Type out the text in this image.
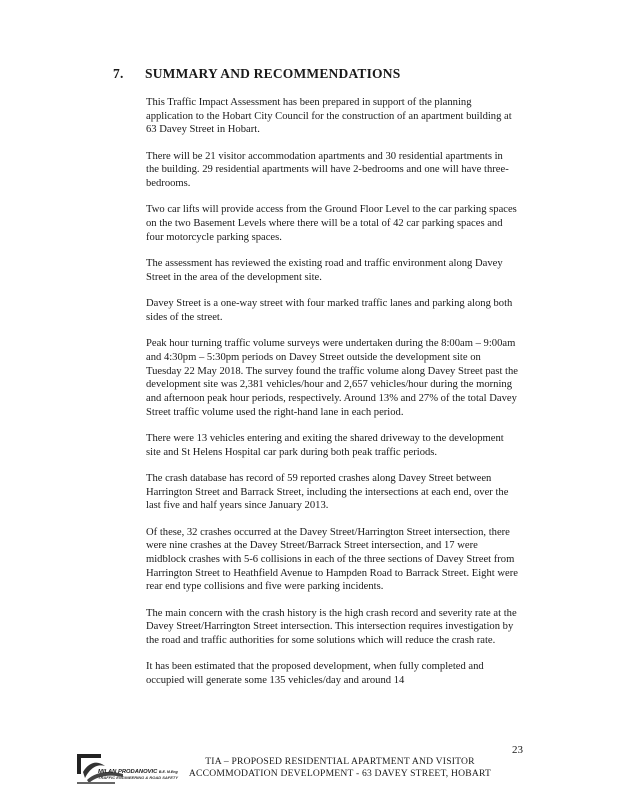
7. SUMMARY AND RECOMMENDATIONS

This Traffic Impact Assessment has been prepared in support of the planning application to the Hobart City Council for the construction of an apartment building at 63 Davey Street in Hobart.

There will be 21 visitor accommodation apartments and 30 residential apartments in the building. 29 residential apartments will have 2-bedrooms and one will have three-bedrooms.

Two car lifts will provide access from the Ground Floor Level to the car parking spaces on the two Basement Levels where there will be a total of 42 car parking spaces and four motorcycle parking spaces.

The assessment has reviewed the existing road and traffic environment along Davey Street in the area of the development site.

Davey Street is a one-way street with four marked traffic lanes and parking along both sides of the street.

Peak hour turning traffic volume surveys were undertaken during the 8:00am – 9:00am and 4:30pm – 5:30pm periods on Davey Street outside the development site on Tuesday 22 May 2018. The survey found the traffic volume along Davey Street past the development site was 2,381 vehicles/hour and 2,657 vehicles/hour during the morning and afternoon peak hour periods, respectively. Around 13% and 27% of the total Davey Street traffic volume used the right-hand lane in each period.

There were 13 vehicles entering and exiting the shared driveway to the development site and St Helens Hospital car park during both peak traffic periods.

The crash database has record of 59 reported crashes along Davey Street between Harrington Street and Barrack Street, including the intersections at each end, over the last five and half years since January 2013.

Of these, 32 crashes occurred at the Davey Street/Harrington Street intersection, there were nine crashes at the Davey Street/Barrack Street intersection, and 17 were midblock crashes with 5-6 collisions in each of the three sections of Davey Street from Harrington Street to Heathfield Avenue to Hampden Road to Barrack Street. Eight were rear end type collisions and five were parking incidents.

The main concern with the crash history is the high crash record and severity rate at the Davey Street/Harrington Street intersection. This intersection requires investigation by the road and traffic authorities for some solutions which will reduce the crash rate.

It has been estimated that the proposed development, when fully completed and occupied will generate some 135 vehicles/day and around 14

23
MILAN PRODANOVIC B.E. M.Eng
TRAFFIC ENGINEERING & ROAD SAFETY
TIA – PROPOSED RESIDENTIAL APARTMENT AND VISITOR
ACCOMMODATION DEVELOPMENT - 63 DAVEY STREET, HOBART
